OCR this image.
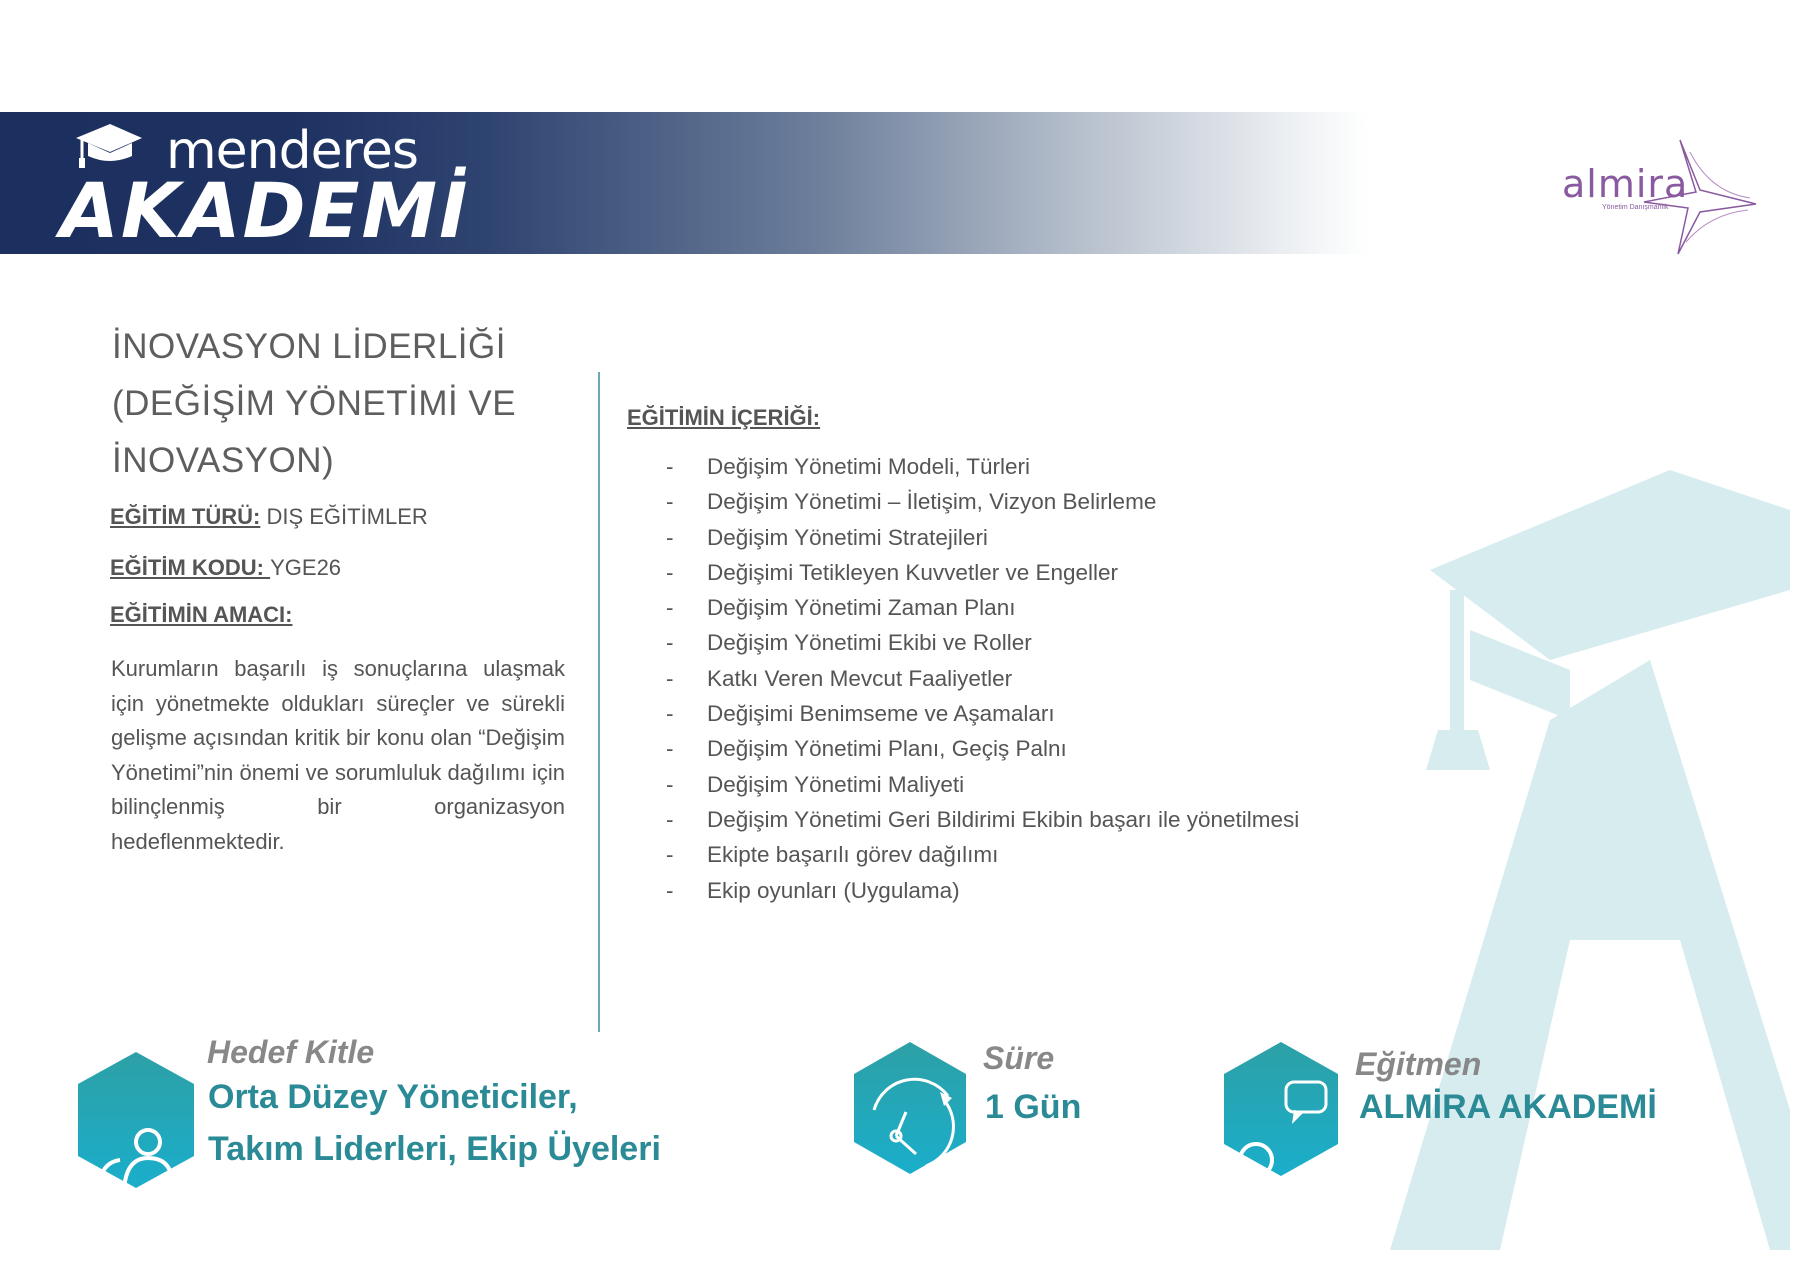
menderes
AKADEMİ	almira
Yönetim Danışmanlık
İNOVASYON LİDERLİĞİ
(DEĞİŞİM YÖNETİMİ VE
İNOVASYON)
EĞİTİM TÜRÜ: DIŞ EĞİTİMLER
EĞİTİM KODU: YGE26
EĞİTİMİN AMACI:
Kurumların başarılı iş sonuçlarına ulaşmak için yönetmekte oldukları süreçler ve sürekli gelişme açısından kritik bir konu olan “Değişim Yönetimi”nin önemi ve sorumluluk dağılımı için bilinçlenmiş bir organizasyon hedeflenmektedir.
EĞİTİMİN İÇERİĞİ:
- Değişim Yönetimi Modeli, Türleri
- Değişim Yönetimi – İletişim, Vizyon Belirleme
- Değişim Yönetimi Stratejileri
- Değişimi Tetikleyen Kuvvetler ve Engeller
- Değişim Yönetimi Zaman Planı
- Değişim Yönetimi Ekibi ve Roller
- Katkı Veren Mevcut Faaliyetler
- Değişimi Benimseme ve Aşamaları
- Değişim Yönetimi Planı, Geçiş Palnı
- Değişim Yönetimi Maliyeti
- Değişim Yönetimi Geri Bildirimi Ekibin başarı ile yönetilmesi
- Ekipte başarılı görev dağılımı
- Ekip oyunları (Uygulama)
Hedef Kitle
Orta Düzey Yöneticiler,
Takım Liderleri, Ekip Üyeleri
Süre
1 Gün
Eğitmen
ALMİRA AKADEMİ
